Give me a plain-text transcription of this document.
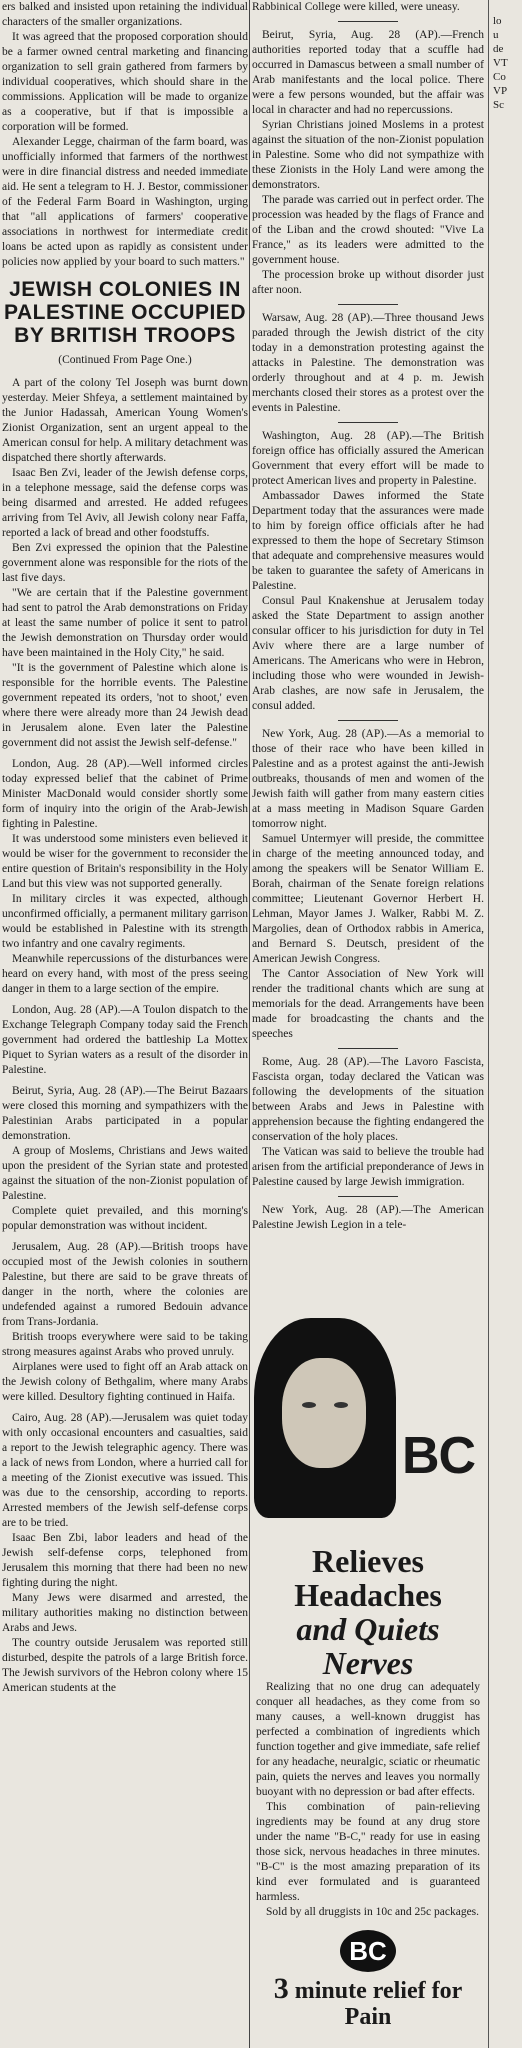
ers balked and insisted upon retaining the individual characters of the smaller organizations.

It was agreed that the proposed corporation should be a farmer owned central marketing and financing organization to sell grain gathered from farmers by individual cooperatives, which should share in the commissions. Application will be made to organize as a cooperative, but if that is impossible a corporation will be formed.

Alexander Legge, chairman of the farm board, was unofficially informed that farmers of the northwest were in dire financial distress and needed immediate aid. He sent a telegram to H. J. Bestor, commissioner of the Federal Farm Board in Washington, urging that "all applications of farmers' cooperative associations in northwest for intermediate credit loans be acted upon as rapidly as consistent under policies now applied by your board to such matters."

JEWISH COLONIES IN PALESTINE OCCUPIED BY BRITISH TROOPS

(Continued From Page One.)

A part of the colony Tel Joseph was burnt down yesterday. Meier Shfeya, a settlement maintained by the Junior Hadassah, American Young Women's Zionist Organization, sent an urgent appeal to the American consul for help. A military detachment was dispatched there shortly afterwards.

Isaac Ben Zvi, leader of the Jewish defense corps, in a telephone message, said the defense corps was being disarmed and arrested. He added refugees arriving from Tel Aviv, all Jewish colony near Faffa, reported a lack of bread and other foodstuffs.

Ben Zvi expressed the opinion that the Palestine government alone was responsible for the riots of the last five days.

"We are certain that if the Palestine government had sent to patrol the Arab demonstrations on Friday at least the same number of police it sent to patrol the Jewish demonstration on Thursday order would have been maintained in the Holy City," he said.

"It is the government of Palestine which alone is responsible for the horrible events. The Palestine government repeated its orders, 'not to shoot,' even where there were already more than 24 Jewish dead in Jerusalem alone. Even later the Palestine government did not assist the Jewish self-defense."

London, Aug. 28 (AP).—Well informed circles today expressed belief that the cabinet of Prime Minister MacDonald would consider shortly some form of inquiry into the origin of the Arab-Jewish fighting in Palestine.

It was understood some ministers even believed it would be wiser for the government to reconsider the entire question of Britain's responsibility in the Holy Land but this view was not supported generally.

In military circles it was expected, although unconfirmed officially, a permanent military garrison would be established in Palestine with its strength two infantry and one cavalry regiments.

Meanwhile repercussions of the disturbances were heard on every hand, with most of the press seeing danger in them to a large section of the empire.

London, Aug. 28 (AP).—A Toulon dispatch to the Exchange Telegraph Company today said the French government had ordered the battleship La Mottex Piquet to Syrian waters as a result of the disorder in Palestine.

Beirut, Syria, Aug. 28 (AP).—The Beirut Bazaars were closed this morning and sympathizers with the Palestinian Arabs participated in a popular demonstration.

A group of Moslems, Christians and Jews waited upon the president of the Syrian state and protested against the situation of the non-Zionist population of Palestine.

Complete quiet prevailed, and this morning's popular demonstration was without incident.

Jerusalem, Aug. 28 (AP).—British troops have occupied most of the Jewish colonies in southern Palestine, but there are said to be grave threats of danger in the north, where the colonies are undefended against a rumored Bedouin advance from Trans-Jordania.

British troops everywhere were said to be taking strong measures against Arabs who proved unruly.

Airplanes were used to fight off an Arab attack on the Jewish colony of Bethgalim, where many Arabs were killed. Desultory fighting continued in Haifa.

Cairo, Aug. 28 (AP).—Jerusalem was quiet today with only occasional encounters and casualties, said a report to the Jewish telegraphic agency. There was a lack of news from London, where a hurried call for a meeting of the Zionist executive was issued. This was due to the censorship, according to reports. Arrested members of the Jewish self-defense corps are to be tried.

Isaac Ben Zbi, labor leaders and head of the Jewish self-defense corps, telephoned from Jerusalem this morning that there had been no new fighting during the night.

Many Jews were disarmed and arrested, the military authorities making no distinction between Arabs and Jews.

The country outside Jerusalem was reported still disturbed, despite the patrols of a large British force. The Jewish survivors of the Hebron colony where 15 American students at the

Rabbinical College were killed, were uneasy.

Beirut, Syria, Aug. 28 (AP).—French authorities reported today that a scuffle had occurred in Damascus between a small number of Arab manifestants and the local police. There were a few persons wounded, but the affair was local in character and had no repercussions.

Syrian Christians joined Moslems in a protest against the situation of the non-Zionist population in Palestine. Some who did not sympathize with these Zionists in the Holy Land were among the demonstrators.

The parade was carried out in perfect order. The procession was headed by the flags of France and of the Liban and the crowd shouted: "Vive La France," as its leaders were admitted to the government house.

The procession broke up without disorder just after noon.

Warsaw, Aug. 28 (AP).—Three thousand Jews paraded through the Jewish district of the city today in a demonstration protesting against the attacks in Palestine. The demonstration was orderly throughout and at 4 p. m. Jewish merchants closed their stores as a protest over the events in Palestine.

Washington, Aug. 28 (AP).—The British foreign office has officially assured the American Government that every effort will be made to protect American lives and property in Palestine.

Ambassador Dawes informed the State Department today that the assurances were made to him by foreign office officials after he had expressed to them the hope of Secretary Stimson that adequate and comprehensive measures would be taken to guarantee the safety of Americans in Palestine.

Consul Paul Knakenshue at Jerusalem today asked the State Department to assign another consular officer to his jurisdiction for duty in Tel Aviv where there are a large number of Americans. The Americans who were in Hebron, including those who were wounded in Jewish-Arab clashes, are now safe in Jerusalem, the consul added.

New York, Aug. 28 (AP).—As a memorial to those of their race who have been killed in Palestine and as a protest against the anti-Jewish outbreaks, thousands of men and women of the Jewish faith will gather from many eastern cities at a mass meeting in Madison Square Garden tomorrow night.

Samuel Untermyer will preside, the committee in charge of the meeting announced today, and among the speakers will be Senator William E. Borah, chairman of the Senate foreign relations committee; Lieutenant Governor Herbert H. Lehman, Mayor James J. Walker, Rabbi M. Z. Margolies, dean of Orthodox rabbis in America, and Bernard S. Deutsch, president of the American Jewish Congress.

The Cantor Association of New York will render the traditional chants which are sung at memorials for the dead. Arrangements have been made for broadcasting the chants and the speeches

Rome, Aug. 28 (AP).—The Lavoro Fascista, Fascista organ, today declared the Vatican was following the developments of the situation between Arabs and Jews in Palestine with apprehension because the fighting endangered the conservation of the holy places.

The Vatican was said to believe the trouble had arisen from the artificial preponderance of Jews in Palestine caused by large Jewish immigration.

New York, Aug. 28 (AP).—The American Palestine Jewish Legion in a tele-

BC
Relieves Headaches
and Quiets Nerves

Realizing that no one drug can adequately conquer all headaches, as they come from so many causes, a well-known druggist has perfected a combination of ingredients which function together and give immediate, safe relief for any headache, neuralgic, sciatic or rheumatic pain, quiets the nerves and leaves you normally buoyant with no depression or bad after effects.

This combination of pain-relieving ingredients may be found at any drug store under the name "B-C," ready for use in easing those sick, nervous headaches in three minutes. "B-C" is the most amazing preparation of its kind ever formulated and is guaranteed harmless.

Sold by all druggists in 10c and 25c packages.

BC
3 minute relief for Pain

lo

u

de

VT

Co

VP

Sc
